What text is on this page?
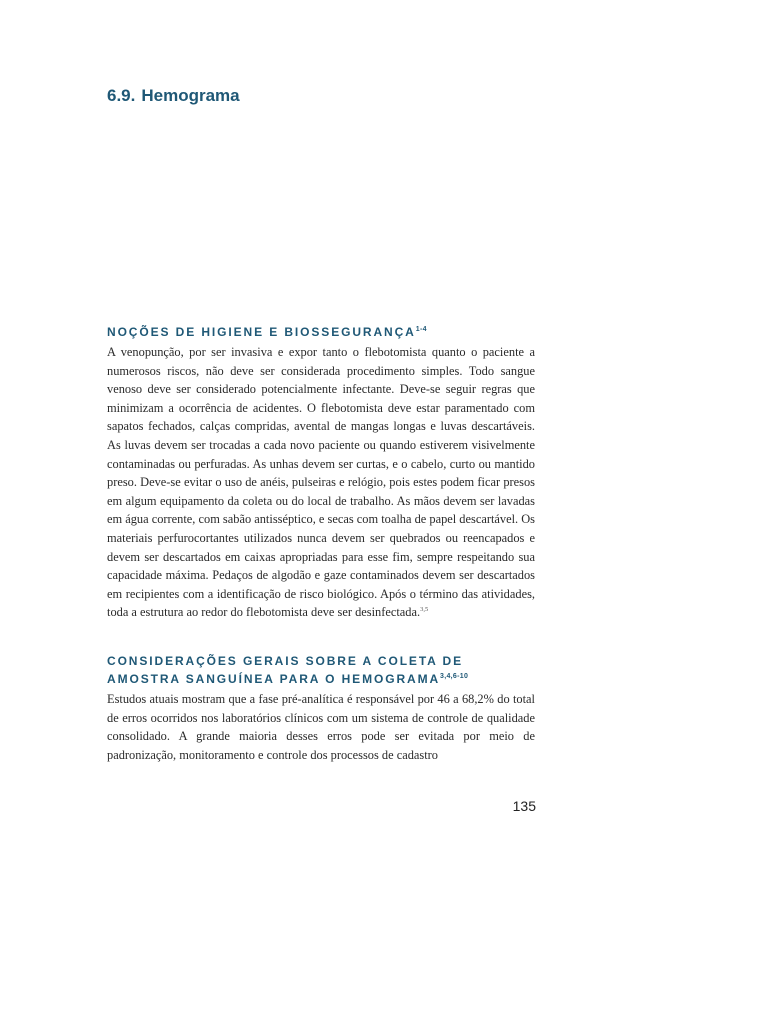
6.9. Hemograma
NOÇÕES DE HIGIENE E BIOSSEGURANÇA$^{1-4}$

A venopunção, por ser invasiva e expor tanto o flebotomista quanto o paciente a numerosos riscos, não deve ser considerada procedimento simples. Todo sangue venoso deve ser considerado potencialmente infectante. Deve-se seguir regras que minimizam a ocorrência de acidentes. O flebotomista deve estar paramentado com sapatos fechados, calças compridas, avental de mangas longas e luvas descartáveis. As luvas devem ser trocadas a cada novo paciente ou quando estiverem visivelmente contaminadas ou perfuradas. As unhas devem ser curtas, e o cabelo, curto ou mantido preso. Deve-se evitar o uso de anéis, pulseiras e relógio, pois estes podem ficar presos em algum equipamento da coleta ou do local de trabalho. As mãos devem ser lavadas em água corrente, com sabão antisséptico, e secas com toalha de papel descartável. Os materiais perfurocortantes utilizados nunca devem ser quebrados ou reencapados e devem ser descartados em caixas apropriadas para esse fim, sempre respeitando sua capacidade máxima. Pedaços de algodão e gaze contaminados devem ser descartados em recipientes com a identificação de risco biológico. Após o término das atividades, toda a estrutura ao redor do flebotomista deve ser desinfectada.$^{3,5}$

CONSIDERAÇÕES GERAIS SOBRE A COLETA DE
AMOSTRA SANGUÍNEA PARA O HEMOGRAMA$^{3,4,6-10}$

Estudos atuais mostram que a fase pré-analítica é responsável por 46 a 68,2% do total de erros ocorridos nos laboratórios clínicos com um sistema de controle de qualidade consolidado. A grande maioria desses erros pode ser evitada por meio de padronização, monitoramento e controle dos processos de cadastro

135
